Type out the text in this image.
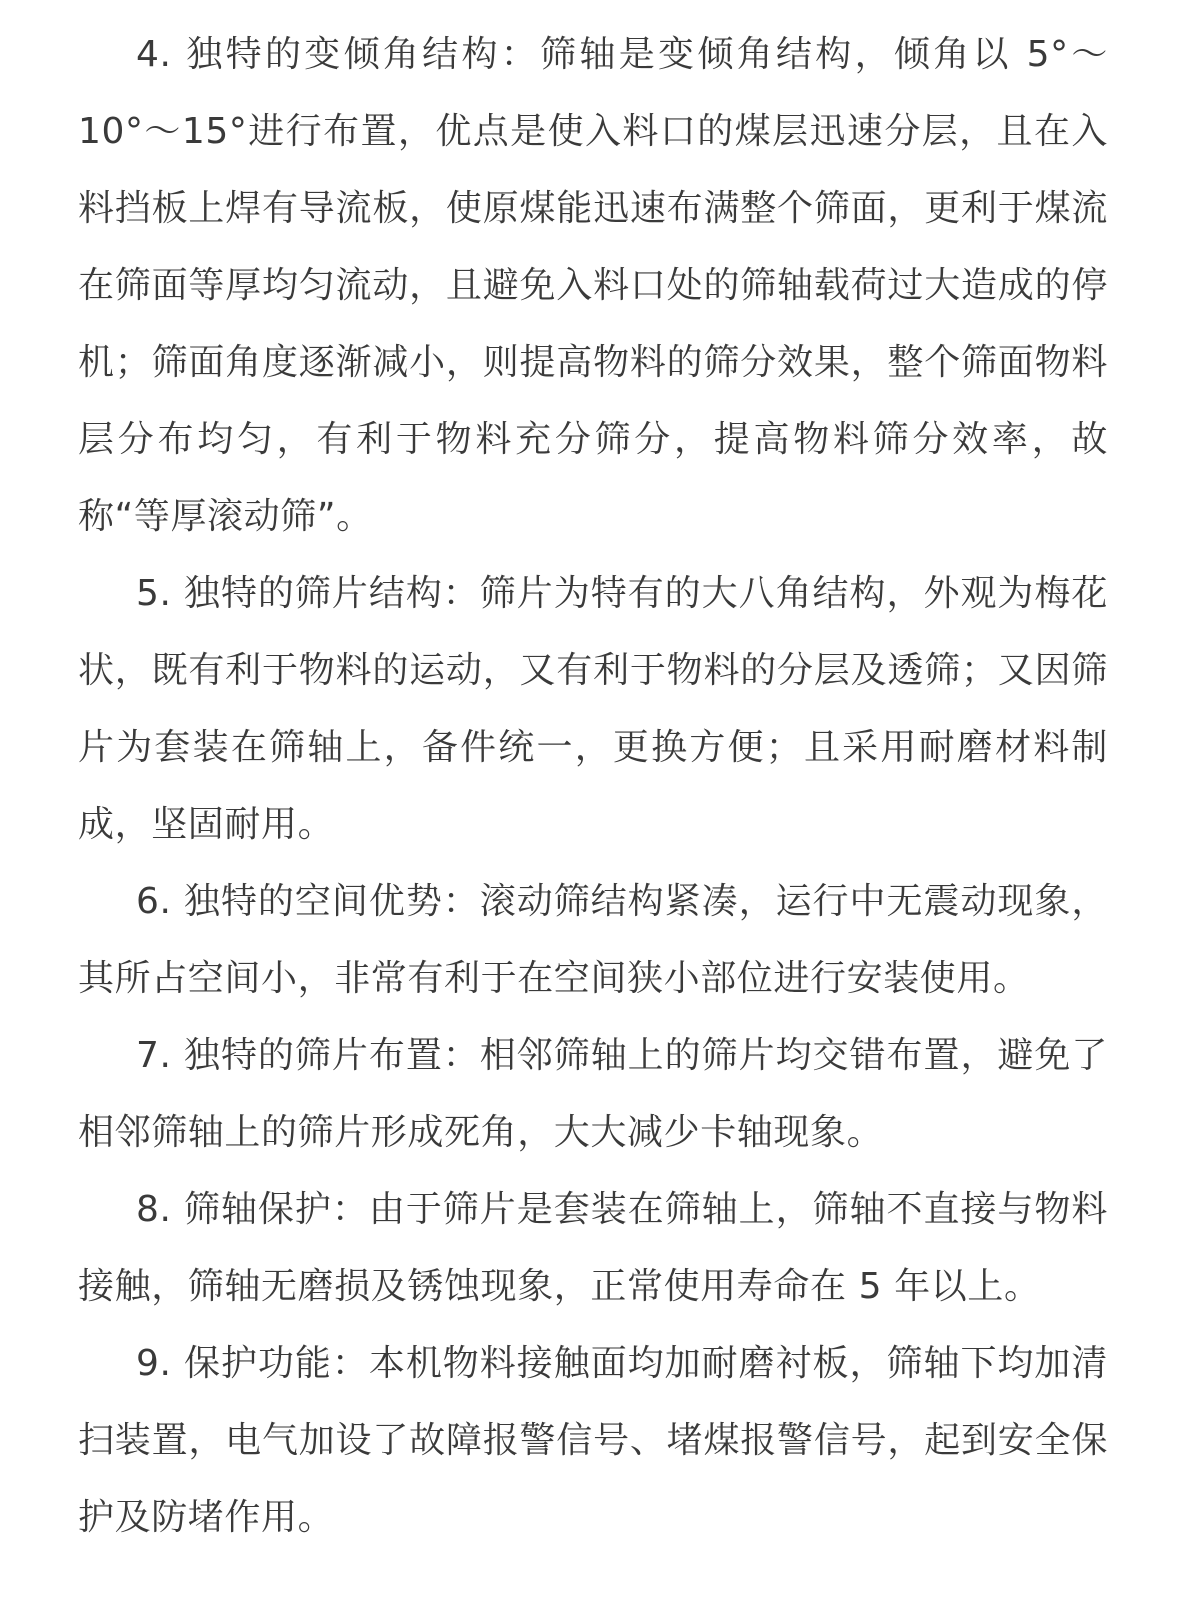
4. 独特的变倾角结构：筛轴是变倾角结构，倾角以 5°～10°～15°进行布置，优点是使入料口的煤层迅速分层，且在入料挡板上焊有导流板，使原煤能迅速布满整个筛面，更利于煤流在筛面等厚均匀流动，且避免入料口处的筛轴载荷过大造成的停机；筛面角度逐渐减小，则提高物料的筛分效果，整个筛面物料层分布均匀，有利于物料充分筛分，提高物料筛分效率，故称“等厚滚动筛”。

5. 独特的筛片结构：筛片为特有的大八角结构，外观为梅花状，既有利于物料的运动，又有利于物料的分层及透筛；又因筛片为套装在筛轴上，备件统一，更换方便；且采用耐磨材料制成，坚固耐用。

6. 独特的空间优势：滚动筛结构紧凑，运行中无震动现象，其所占空间小，非常有利于在空间狭小部位进行安装使用。

7. 独特的筛片布置：相邻筛轴上的筛片均交错布置，避免了相邻筛轴上的筛片形成死角，大大减少卡轴现象。

8. 筛轴保护：由于筛片是套装在筛轴上，筛轴不直接与物料接触，筛轴无磨损及锈蚀现象，正常使用寿命在 5 年以上。

9. 保护功能：本机物料接触面均加耐磨衬板，筛轴下均加清扫装置，电气加设了故障报警信号、堵煤报警信号，起到安全保护及防堵作用。
